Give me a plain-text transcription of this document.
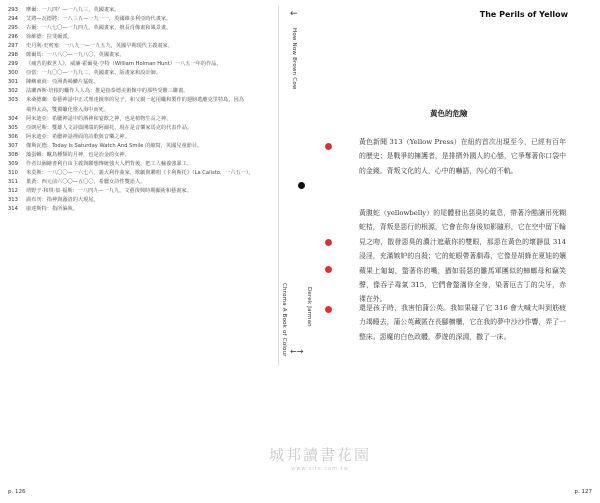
293	摩爾：一八四？—一八九三，英國畫家。
294	艾將—瓦德將：一八三五—一九一一，英國維多利亞時代畫家。
295	古爾：一八七〇—一九四九，英國畫家，擅長肖像畫和風景畫。
296	徐維德：拉斐爾派。
297	史丹利·史賓塞：一八九一—一九五九，英國早期現代主義畫家。
298	薩爾馬：一八八〇—一九八〇，英國畫家。
299	《痛苦的救世人》，威廉·霍爾曼·亨特（William Holman Hunt）一八五一年的作品。
300	亞當：一九〇〇—一九九二，英國畫家、版畫家和設計師。
301	陳嶼東商：亞洲黃褐鱗片猛蛇。
302	法蘭西斯·培根的蠟作人人為：推是指泰德美術館中的那些受難三聯畫。
303	米桑德蘭：泰藝神話中正式理達鏡寧的兒子，和父親一起用蠟和製作的翅膀逃離克里特島，因為
飛得太高，雙翼蠟化墜入海中而死。
304	阿米迪亞：希臘神話中的酒神和宴飲之神，也是植物生長之神。
305	亞朗尼斯：雙雄人文詩篇開端的阿爾托，現在是音樂家馬克的代表作品。
306	阿米迪亞：希臘神話裡面的詩歌與音樂之神。
307	傑斯瓦德：Today Is Saturday Watch And Smile 的縮寫，英國兒童節目。
308	藻蛋蝌：蠍鳥種類的月神，也是冶金的女神。
309	作者以圖繪書利自由主義與聯想傳統強大人們背後，把工人輸養強暴工。
310	米莫斯：一八〇〇—一六七六，義大利作曲家，歌劇與聯唱《卡利斯托》（La Calisto，一六五一）。
311	葉黃：西元前六〇〇—五〇〇，希臘女詩性雙語人。
312	靖野子·和琪·似·福斯：一八四九—一九九，文藝復興時期顯術和藝畫家。
313	渦布刊：指神與蠡清的大現尾。
314	康達斯特：指所偏執。
p. 126
←
How Now Brown Cow
Chroma A Book of Colour	Derek Jarman
←→
The Perils of Yellow
黃色的危險

黃色新聞 313（Yellow Press）在紐約首次出現至今，已經有百年的歷史；是戰爭的擁護者，是排擠外國人的心態，它爭奪著你口袋中的金錢。背叛文化的人，心中的嚇語，內心的不軌。

黃腹蛇（yellowbelly）的尾體發出惡臭的氣息，帶著冷酷讓吊死糊蛇桔，背叛是惡行的根源，它會在你身後如影隨形，它在空中留下輪見之吻，散發惡臭的濃汁遮蔽你的雙眼，那惡在黃色的壞靜鼠 314 浸淫，充滿嫉妒的自殺；它的蛇眼帶著劇毒，它像是胡蜂在夏娃的孃蘋果上匍匐，螫著你的嘴，猶如弱惡的雛馬軍團似的蟑螂母和竊笑聲，像吞子毒氣 315，它們會螫滿你全身，染著厄古丁的尖牙，赤裸在外。

還是孩子時，我害怕蒲公英。我如果碰了它 316 會大喊大叫到筋疲力竭睡去，蒲公英藏匿在長腳櫥櫃，它在我的夢中沙沙作響，弄了一整床。惡魔的白色政體，夢遊的深淵，撒了一床。

p. 127
城邦讀書花園
www.cite.com.tw
